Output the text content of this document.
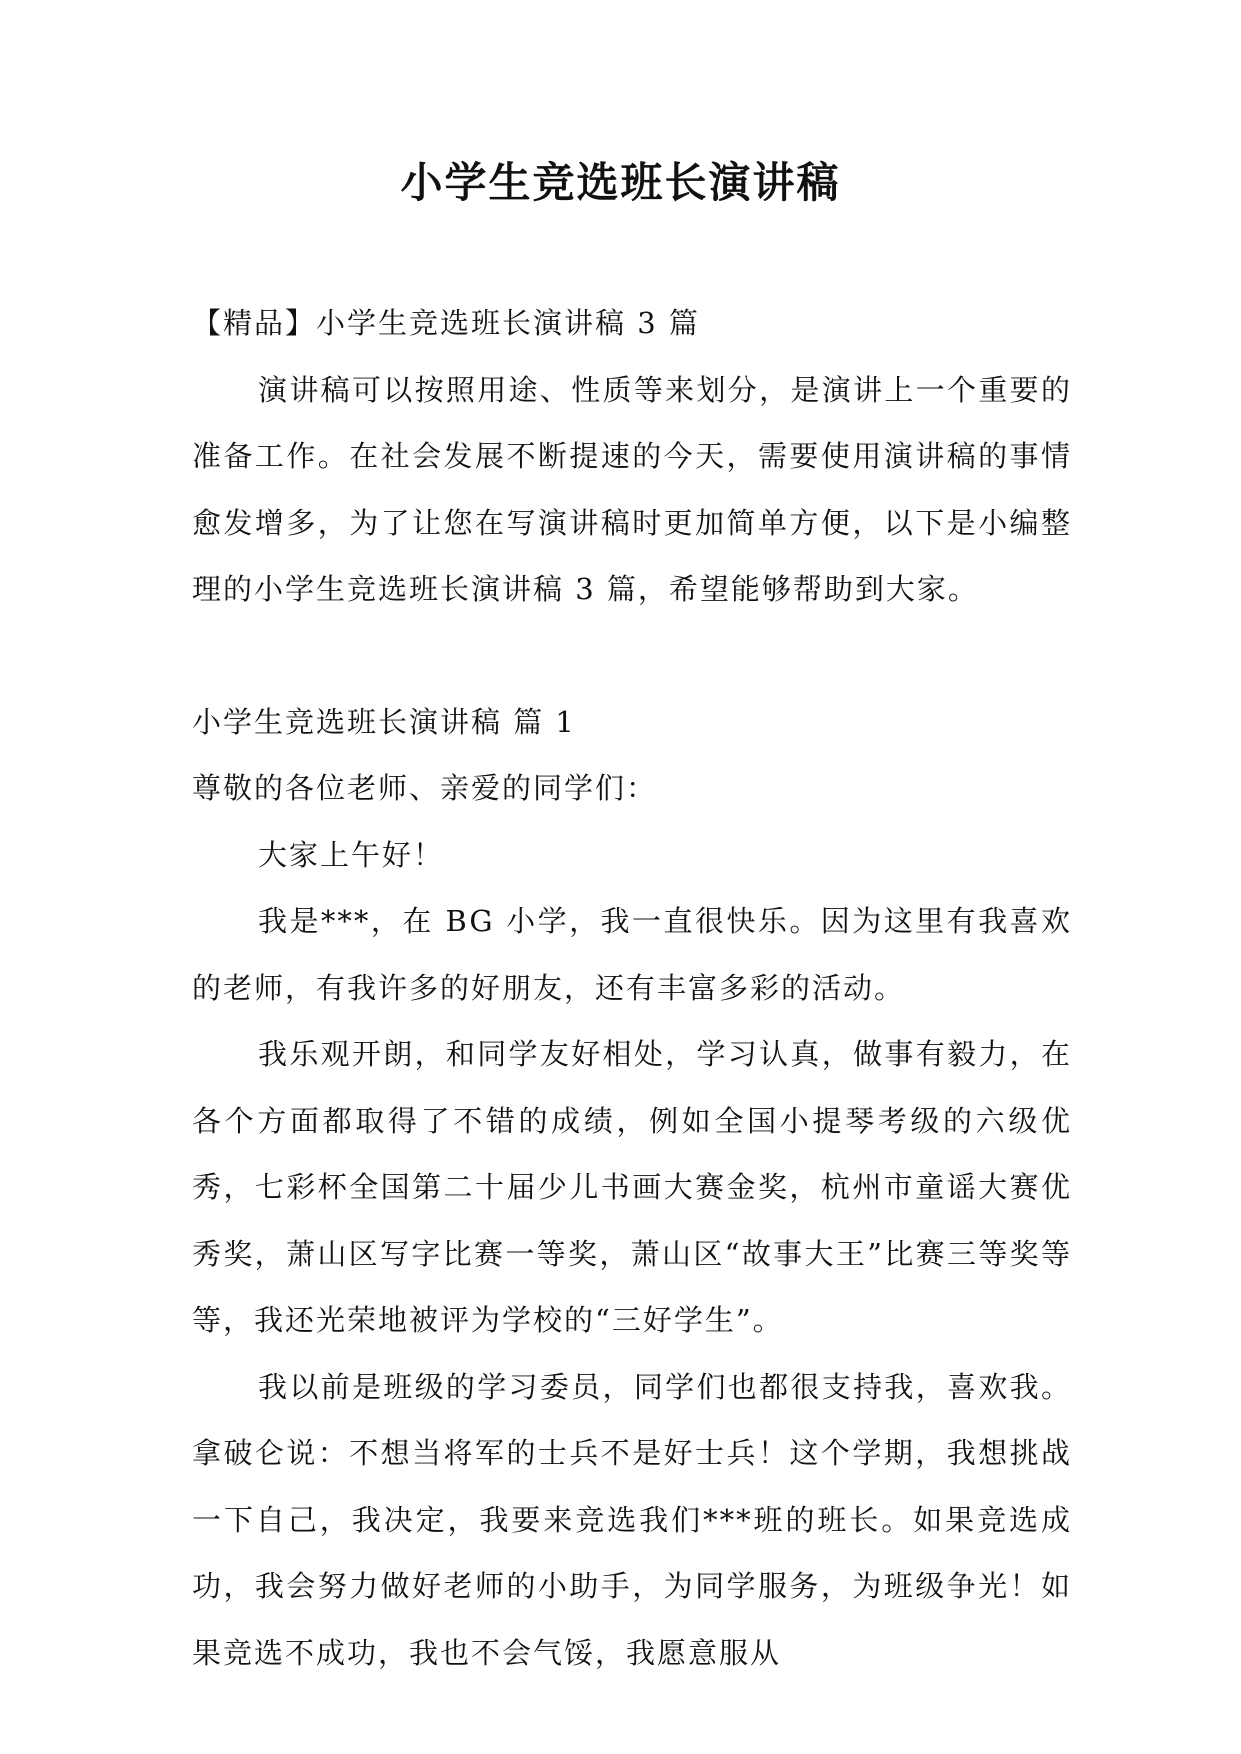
小学生竞选班长演讲稿

【精品】小学生竞选班长演讲稿 3 篇

演讲稿可以按照用途、性质等来划分，是演讲上一个重要的准备工作。在社会发展不断提速的今天，需要使用演讲稿的事情愈发增多，为了让您在写演讲稿时更加简单方便，以下是小编整理的小学生竞选班长演讲稿 3 篇，希望能够帮助到大家。

小学生竞选班长演讲稿 篇 1

尊敬的各位老师、亲爱的同学们：

大家上午好！

我是***，在 BG 小学，我一直很快乐。因为这里有我喜欢的老师，有我许多的好朋友，还有丰富多彩的活动。

我乐观开朗，和同学友好相处，学习认真，做事有毅力，在各个方面都取得了不错的成绩，例如全国小提琴考级的六级优秀，七彩杯全国第二十届少儿书画大赛金奖，杭州市童谣大赛优秀奖，萧山区写字比赛一等奖，萧山区“故事大王”比赛三等奖等等，我还光荣地被评为学校的“三好学生”。

我以前是班级的学习委员，同学们也都很支持我，喜欢我。拿破仑说：不想当将军的士兵不是好士兵！这个学期，我想挑战一下自己，我决定，我要来竞选我们***班的班长。如果竞选成功，我会努力做好老师的小助手，为同学服务，为班级争光！如果竞选不成功，我也不会气馁，我愿意服从
